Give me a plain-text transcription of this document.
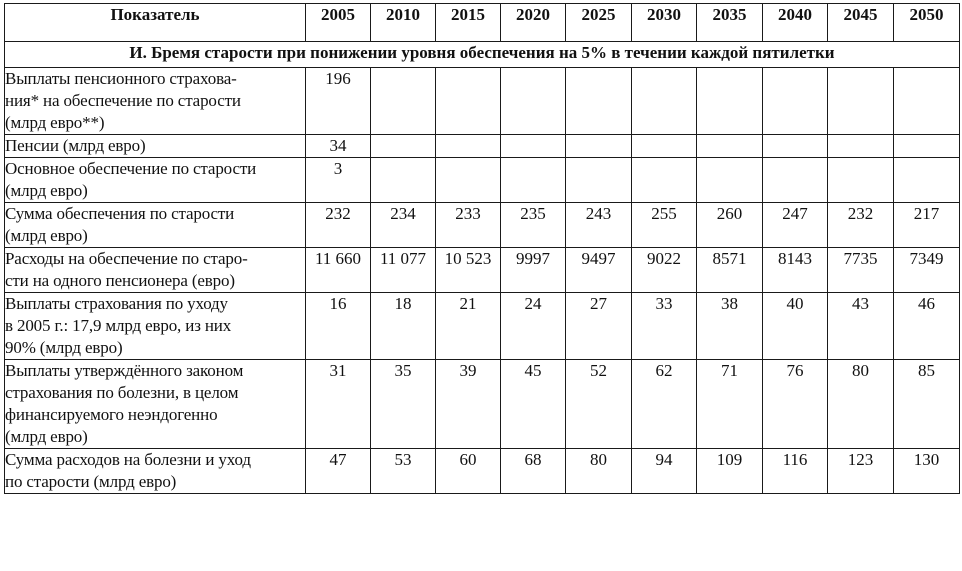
Показатель	2005	2010	2015	2020	2025	2030	2035	2040	2045	2050
И. Бремя старости при понижении уровня обеспечения на 5% в течении каждой пятилетки										

Выплаты пенсионного страхова-
ния* на обеспечение по старости
(млрд евро**)	196									

Пенсии (млрд евро)	34									

Основное обеспечение по старости
(млрд евро)	3									

Сумма обеспечения по старости
(млрд евро)	232	234	233	235	243	255	260	247	232	217

Расходы на обеспечение по старо-
сти на одного пенсионера (евро)	11 660	11 077	10 523	9997	9497	9022	8571	8143	7735	7349

Выплаты страхования по уходу
в 2005 г.: 17,9 млрд евро, из них
90% (млрд евро)	16	18	21	24	27	33	38	40	43	46

Выплаты утверждённого законом
страхования по болезни, в целом
финансируемого неэндогенно
(млрд евро)	31	35	39	45	52	62	71	76	80	85

Сумма расходов на болезни и уход
по старости (млрд евро)	47	53	60	68	80	94	109	116	123	130
